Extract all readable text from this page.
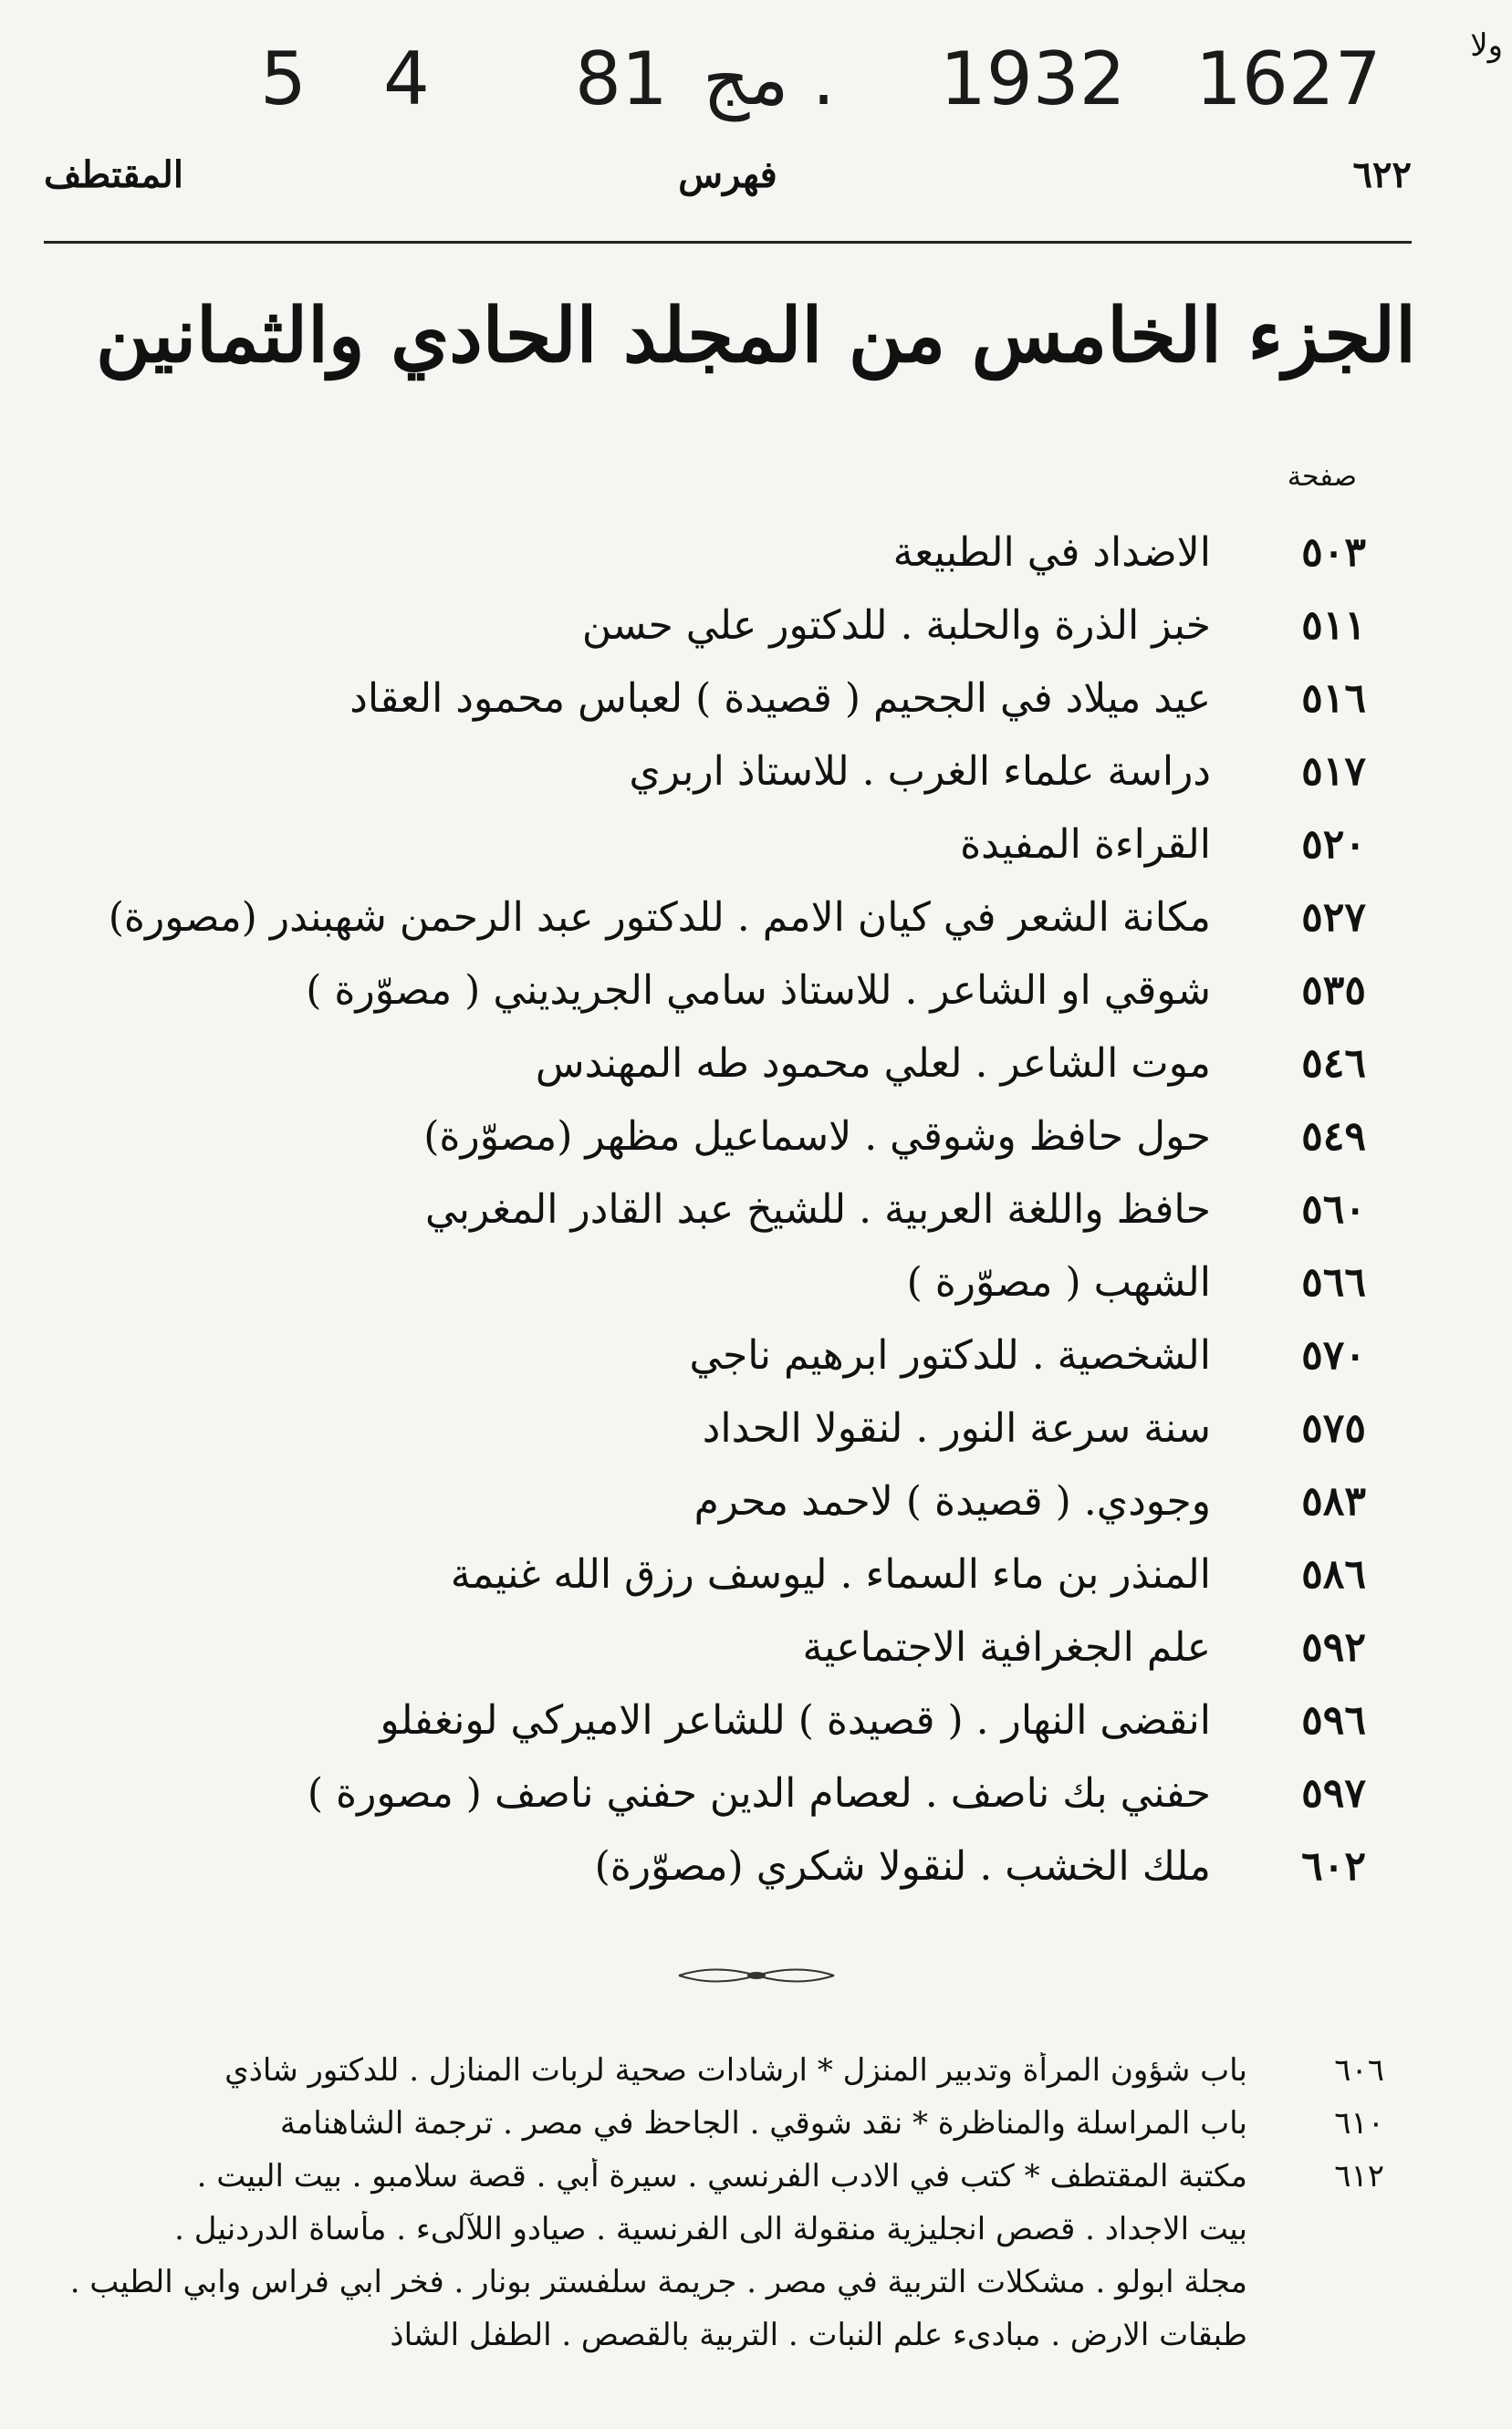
5 4 81 مج . 1932 1627	ولا
٦٢٢
فهرس
المقتطف
الجزء الخامس من المجلد الحادي والثمانين
صفحة
٥٠٣
الاضداد في الطبيعة
٥١١
خبز الذرة والحلبة . للدكتور علي حسن
٥١٦
عيد ميلاد في الجحيم ( قصيدة ) لعباس محمود العقاد
٥١٧
دراسة علماء الغرب . للاستاذ اربري
٥٢٠
القراءة المفيدة
٥٢٧
مكانة الشعر في كيان الامم . للدكتور عبد الرحمن شهبندر (مصورة)
٥٣٥
شوقي او الشاعر . للاستاذ سامي الجريديني ( مصوّرة )
٥٤٦
موت الشاعر . لعلي محمود طه المهندس
٥٤٩
حول حافظ وشوقي . لاسماعيل مظهر (مصوّرة)
٥٦٠
حافظ واللغة العربية . للشيخ عبد القادر المغربي
٥٦٦
الشهب ( مصوّرة )
٥٧٠
الشخصية . للدكتور ابرهيم ناجي
٥٧٥
سنة سرعة النور . لنقولا الحداد
٥٨٣
وجودي. ( قصيدة ) لاحمد محرم
٥٨٦
المنذر بن ماء السماء . ليوسف رزق الله غنيمة
٥٩٢
علم الجغرافية الاجتماعية
٥٩٦
انقضى النهار . ( قصيدة ) للشاعر الاميركي لونغفلو
٥٩٧
حفني بك ناصف . لعصام الدين حفني ناصف ( مصورة )
٦٠٢
ملك الخشب . لنقولا شكري (مصوّرة)
٦٠٦
باب شؤون المرأة وتدبير المنزل * ارشادات صحية لربات المنازل . للدكتور شاذي
٦١٠
باب المراسلة والمناظرة * نقد شوقي . الجاحظ في مصر . ترجمة الشاهنامة
٦١٢
مكتبة المقتطف * كتب في الادب الفرنسي . سيرة أبي . قصة سلامبو . بيت البيت .
بيت الاجداد . قصص انجليزية منقولة الى الفرنسية . صيادو اللآلىء . مأساة الدردنيل .
مجلة ابولو . مشكلات التربية في مصر . جريمة سلفستر بونار . فخر ابي فراس وابي الطيب .
طبقات الارض . مبادىء علم النبات . التربية بالقصص . الطفل الشاذ
